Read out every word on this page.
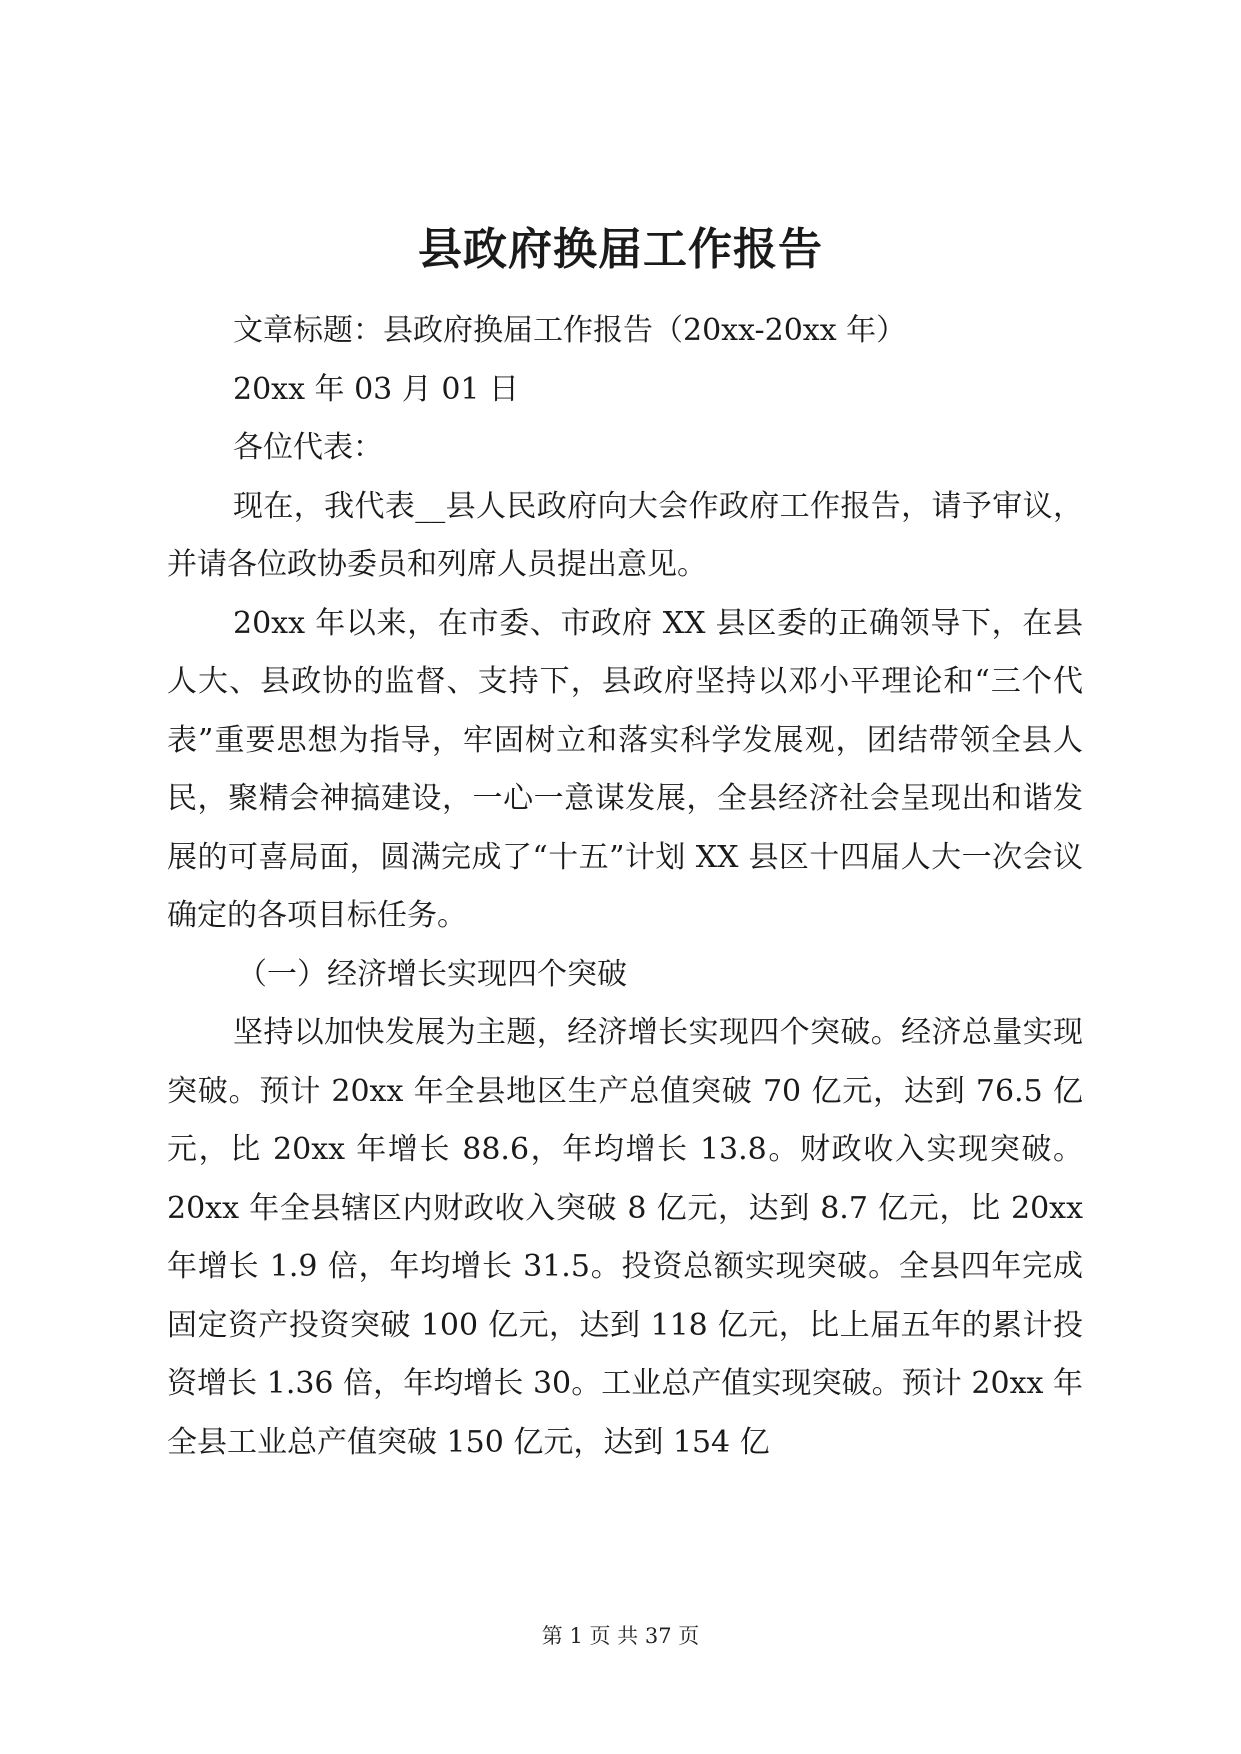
县政府换届工作报告

文章标题：县政府换届工作报告（20xx-20xx 年）

20xx 年 03 月 01 日

各位代表：

现在，我代表__县人民政府向大会作政府工作报告，请予审议，并请各位政协委员和列席人员提出意见。

20xx 年以来，在市委、市政府 XX 县区委的正确领导下，在县人大、县政协的监督、支持下，县政府坚持以邓小平理论和“三个代表”重要思想为指导，牢固树立和落实科学发展观，团结带领全县人民，聚精会神搞建设，一心一意谋发展，全县经济社会呈现出和谐发展的可喜局面，圆满完成了“十五”计划 XX 县区十四届人大一次会议确定的各项目标任务。

（一）经济增长实现四个突破

坚持以加快发展为主题，经济增长实现四个突破。经济总量实现突破。预计 20xx 年全县地区生产总值突破 70 亿元，达到 76.5 亿元，比 20xx 年增长 88.6，年均增长 13.8。财政收入实现突破。20xx 年全县辖区内财政收入突破 8 亿元，达到 8.7 亿元，比 20xx 年增长 1.9 倍，年均增长 31.5。投资总额实现突破。全县四年完成固定资产投资突破 100 亿元，达到 118 亿元，比上届五年的累计投资增长 1.36 倍，年均增长 30。工业总产值实现突破。预计 20xx 年全县工业总产值突破 150 亿元，达到 154 亿

第 1 页 共 37 页
